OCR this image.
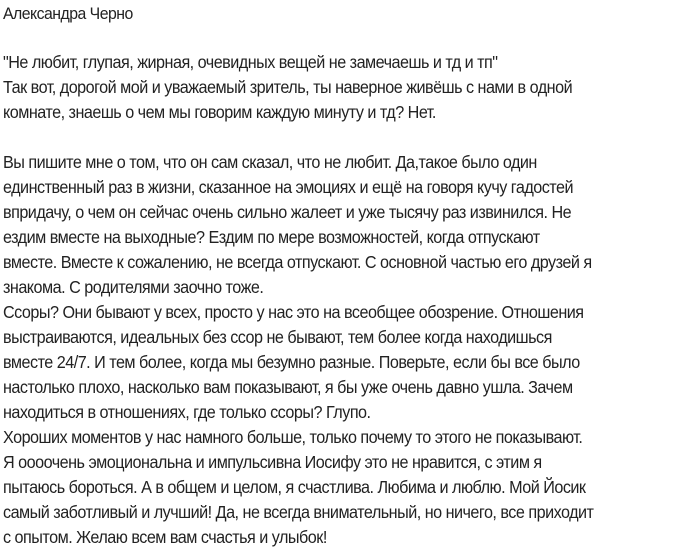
Александра Черно
"Не любит, глупая, жирная, очевидных вещей не замечаешь и тд и тп"
Так вот, дорогой мой и уважаемый зритель, ты наверное живёшь с нами в одной
комнате, знаешь о чем мы говорим каждую минуту и тд? Нет.
Вы пишите мне о том, что он сам сказал, что не любит. Да,такое было один
единственный раз в жизни, сказанное на эмоциях и ещё на говоря кучу гадостей
впридачу, о чем он сейчас очень сильно жалеет и уже тысячу раз извинился. Не
ездим вместе на выходные? Ездим по мере возможностей, когда отпускают
вместе. Вместе к сожалению, не всегда отпускают. С основной частью его друзей я
знакома. С родителями заочно тоже.
Ссоры? Они бывают у всех, просто у нас это на всеобщее обозрение. Отношения
выстраиваются, идеальных без ссор не бывают, тем более когда находишься
вместе 24/7. И тем более, когда мы безумно разные. Поверьте, если бы все было
настолько плохо, насколько вам показывают, я бы уже очень давно ушла. Зачем
находиться в отношениях, где только ссоры? Глупо.
Хороших моментов у нас намного больше, только почему то этого не показывают.
Я оооочень эмоциональна и импульсивна Иосифу это не нравится, с этим я
пытаюсь бороться. А в общем и целом, я счастлива. Любима и люблю. Мой Йосик
самый заботливый и лучший! Да, не всегда внимательный, но ничего, все приходит
с опытом. Желаю всем вам счастья и улыбок!
